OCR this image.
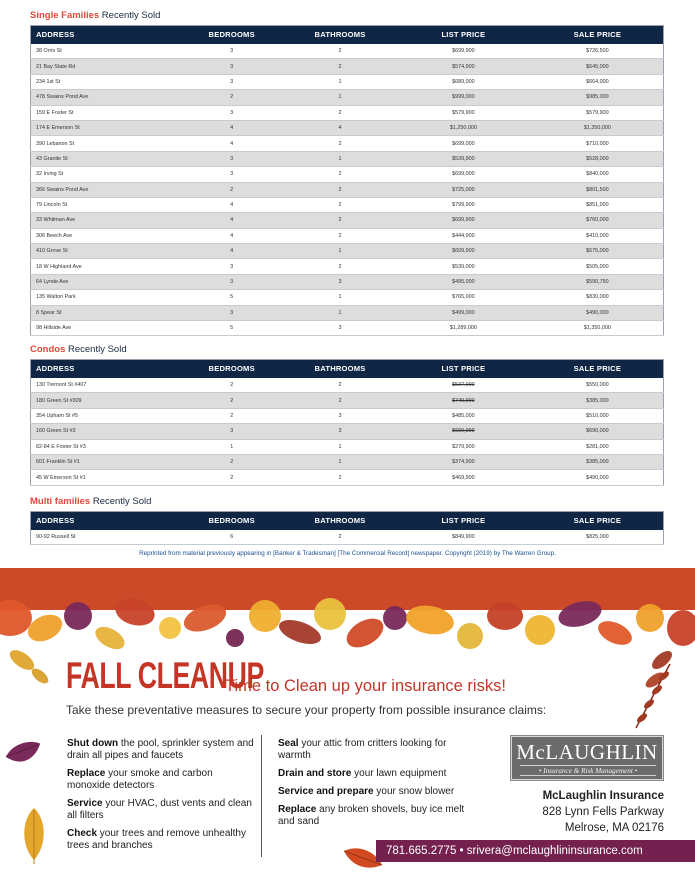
Single Families Recently Sold
ADDRESS	BEDROOMS	BATHROOMS	LIST PRICE	SALE PRICE
38 Orris St	3	2	$699,900	$726,500
21 Bay State Rd	3	2	$574,900	$645,000
234 1st St	3	1	$689,000	$664,000
478 Swains Pond Ave	2	1	$999,000	$985,000
159 E Foster St	3	2	$579,900	$579,900
174 E Emerson St	4	4	$1,250,000	$1,350,000
390 Lebanon St	4	2	$699,000	$710,000
43 Granite St	3	1	$539,900	$528,000
32 Irving St	3	2	$699,000	$840,000
366 Swains Pond Ave	2	2	$725,000	$801,500
79 Lincoln St	4	2	$799,900	$851,000
33 Whitman Ave	4	2	$699,900	$760,000
306 Beech Ave	4	2	$444,900	$410,000
410 Grove St	4	1	$609,900	$675,000
18 W Highland Ave	3	2	$539,000	$505,000
64 Lynde Ave	3	3	$495,000	$590,750
135 Walton Park	5	1	$765,000	$830,000
8 Spear St	3	1	$499,000	$490,000
98 Hillside Ave	5	3	$1,289,000	$1,350,000
Condos Recently Sold
ADDRESS	BEDROOMS	BATHROOMS	LIST PRICE	SALE PRICE
130 Tremont St #407	2	2	$537,000	$550,000
180 Green St #309	2	2	$749,900	$385,000
354 Upham St #5	2	3	$485,000	$510,000
160 Green St #3	3	3	$699,999	$690,000
82-84 E Foster St #3	1	1	$279,900	$281,000
601 Franklin St #1	2	1	$374,900	$385,000
45 W Emerson St #1	2	2	$469,900	$490,000
Multi families Recently Sold
ADDRESS	BEDROOMS	BATHROOMS	LIST PRICE	SALE PRICE
90-92 Russell St	6	2	$849,900	$825,000
Reprinted from material previously appearing in [Banker & Tradesman] [The Commercial Record] newspaper. Copyright (2019) by The Warren Group.
FALL CLEANUP
Time to Clean up your insurance risks!
Take these preventative measures to secure your property from possible insurance claims:

Shut down the pool, sprinkler system and drain all pipes and faucets

Replace your smoke and carbon monoxide detectors

Service your HVAC, dust vents and clean all filters

Check your trees and remove unhealthy trees and branches

Seal your attic from critters looking for warmth

Drain and store your lawn equipment

Service and prepare your snow blower

Replace any broken shovels, buy ice melt and sand

McLAUGHLIN
• Insurance & Risk Management •
McLaughlin Insurance
828 Lynn Fells Parkway
Melrose, MA 02176
781.665.2775 • srivera@mclaughlininsurance.com
